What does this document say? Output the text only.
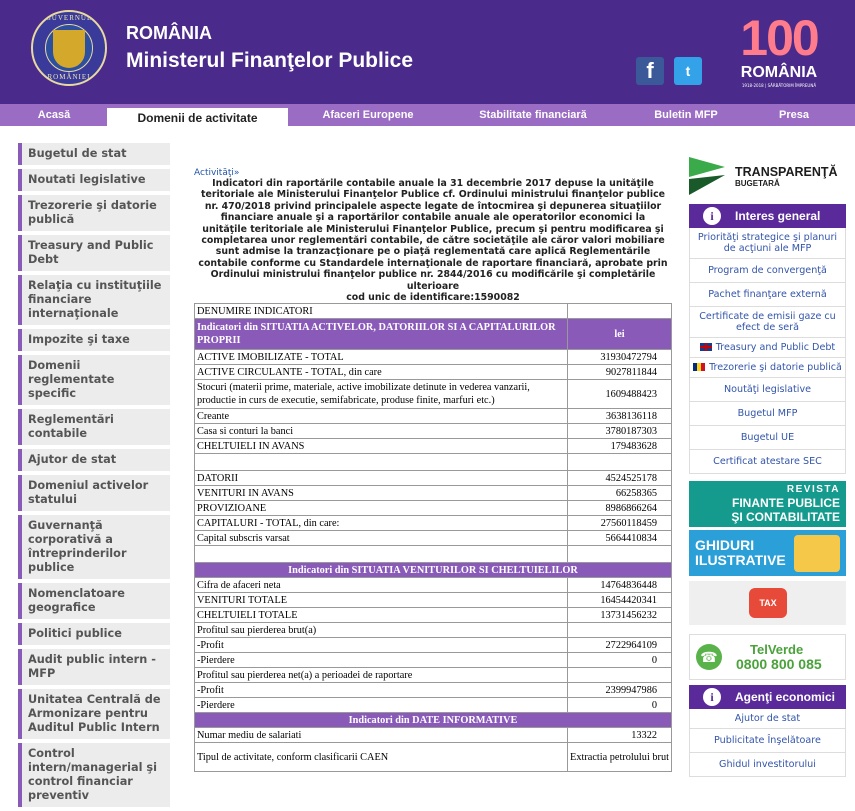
GUVERNUL
ROMÂNIEI
ROMÂNIA
Ministerul Finanţelor Publice	f	t
100
ROMÂNIA
1918-2018 | SĂRBĂTORIM ÎMPREUNĂ
Acasă	Afaceri Europene	Stabilitate financiară	Buletin MFP	Presa
Domenii de activitate
Bugetul de stat
Noutati legislative
Trezorerie şi datorie publică
Treasury and Public Debt
Relaţia cu instituţiile financiare internaţionale
Impozite şi taxe
Domenii reglementate specific
Reglementări contabile
Ajutor de stat
Domeniul activelor statului
Guvernanţă corporativă a întreprinderilor publice
Nomenclatoare geografice
Politici publice
Audit public intern - MFP
Unitatea Centrală de Armonizare pentru Auditul Public Intern
Control intern/managerial şi control financiar preventiv
Activităţi»
Indicatori din raportările contabile anuale la 31 decembrie 2017 depuse la unităţile teritoriale ale Ministerului Finanţelor Publice cf. Ordinului ministrului finanţelor publice nr. 470/2018 privind principalele aspecte legate de întocmirea şi depunerea situaţiilor financiare anuale şi a raportărilor contabile anuale ale operatorilor economici la unităţile teritoriale ale Ministerului Finanţelor Publice, precum şi pentru modificarea şi completarea unor reglementări contabile, de către societăţile ale căror valori mobiliare sunt admise la tranzacţionare pe o piaţă reglementată care aplică Reglementările contabile conforme cu Standardele internaţionale de raportare financiară, aprobate prin Ordinului ministrului finanţelor publice nr. 2844/2016 cu modificările şi completările ulterioare
cod unic de identificare:1590082
DENUMIRE INDICATORI	
Indicatori din SITUATIA ACTIVELOR, DATORIILOR SI A CAPITALURILOR PROPRII	lei
ACTIVE IMOBILIZATE - TOTAL	31930472794
ACTIVE CIRCULANTE - TOTAL, din care	9027811844
Stocuri (materii prime, materiale, active imobilizate detinute in vederea vanzarii, productie in curs de executie, semifabricate, produse finite, marfuri etc.)	1609488423
Creante	3638136118
Casa si conturi la banci	3780187303
CHELTUIELI IN AVANS	179483628

DATORII	4524525178
VENITURI IN AVANS	66258365
PROVIZIOANE	8986866264
CAPITALURI - TOTAL, din care:	27560118459
Capital subscris varsat	5664410834

Indicatori din SITUATIA VENITURILOR SI CHELTUIELILOR	
Cifra de afaceri neta	14764836448
VENITURI TOTALE	16454420341
CHELTUIELI TOTALE	13731456232
Profitul sau pierderea brut(a)	
-Profit	2722964109
-Pierdere	0
Profitul sau pierderea net(a) a perioadei de raportare	
-Profit	2399947986
-Pierdere	0
Indicatori din DATE INFORMATIVE	
Numar mediu de salariati	13322
Tipul de activitate, conform clasificarii CAEN	Extractia petrolului brut
TRANSPARENŢĂ
BUGETARĂ
i	Interes general
Priorităţi strategice şi planuri de acţiuni ale MFP
Program de convergenţă
Pachet finanţare externă
Certificate de emisii gaze cu efect de seră
Treasury and Public Debt
Trezorerie şi datorie publică
Noutăţi legislative
Bugetul MFP
Bugetul UE
Certificat atestare SEC
REVISTA
FINANTE PUBLICE
ŞI CONTABILITATE
GHIDURI
ILUSTRATIVE
TAX EDU
☎	TelVerde
0800 800 085
i	Agenţi economici
Ajutor de stat
Publicitate Înşelătoare
Ghidul investitorului
